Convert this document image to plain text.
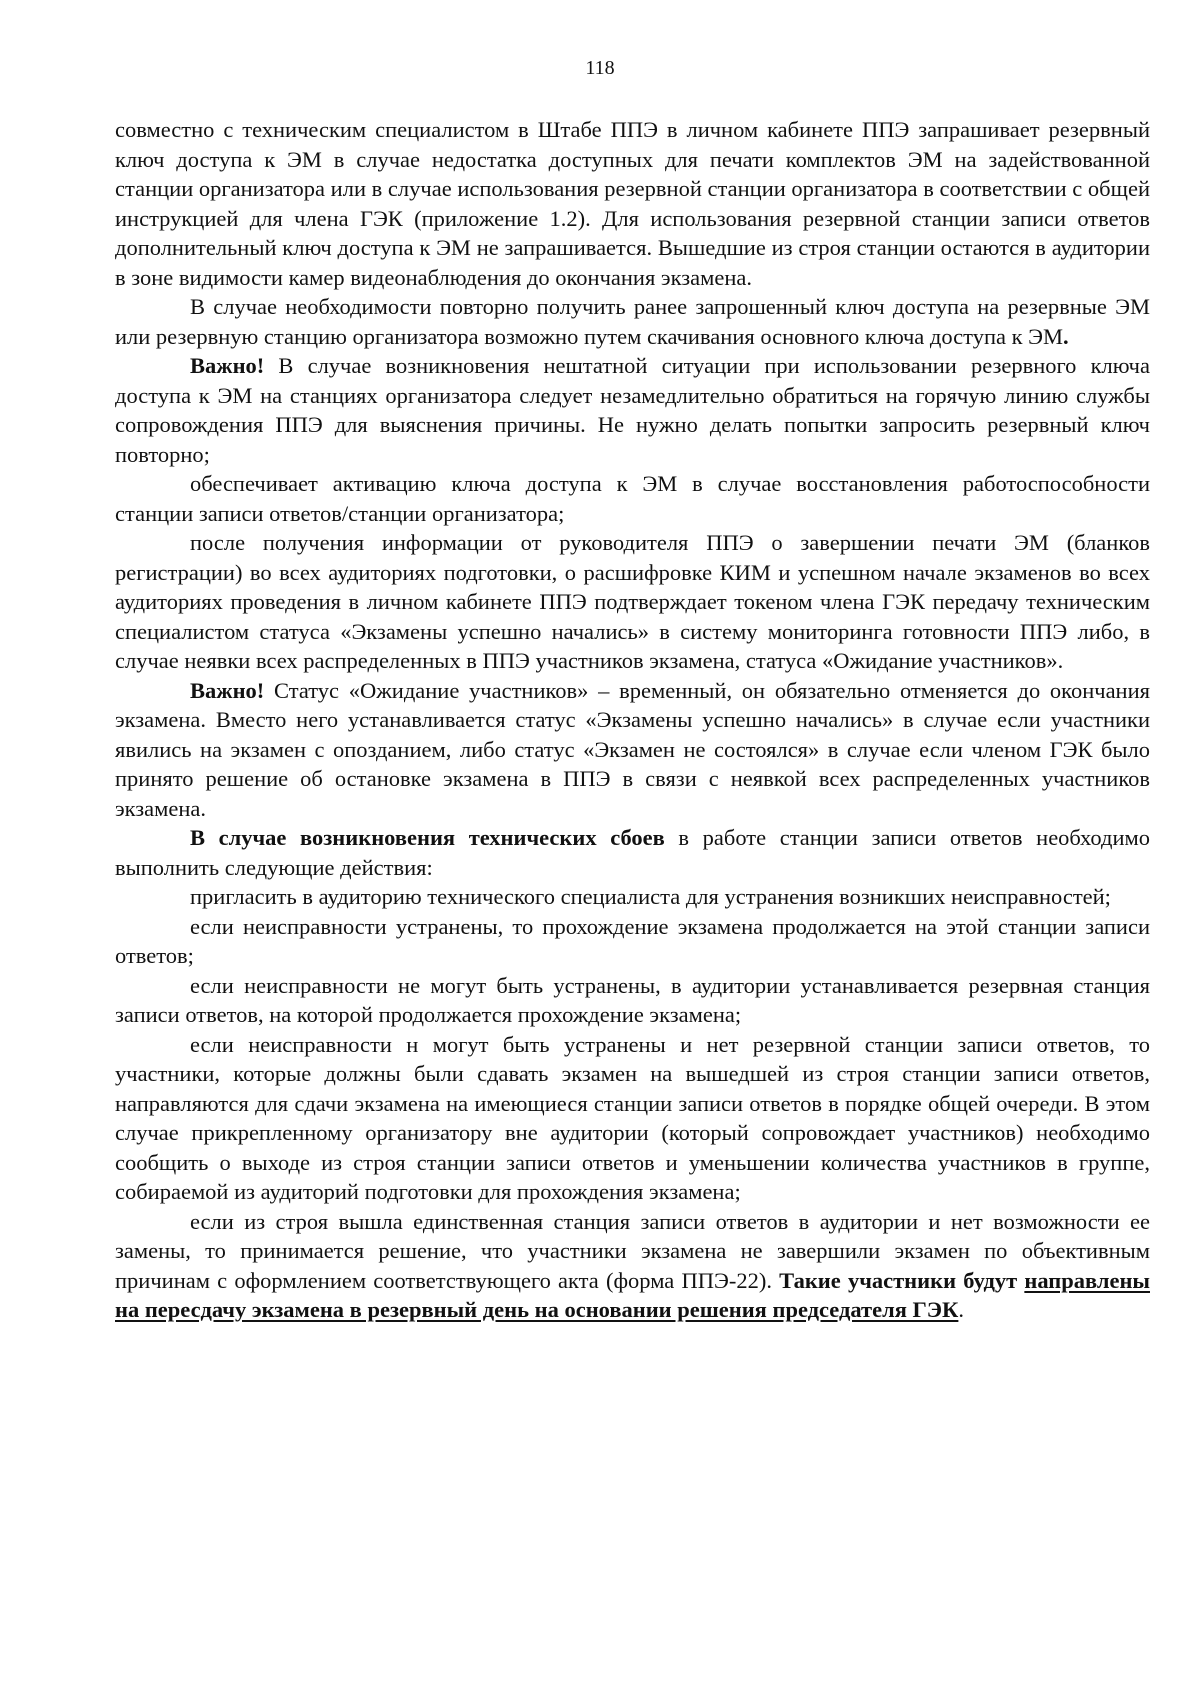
118

совместно с техническим специалистом в Штабе ППЭ в личном кабинете ППЭ запрашивает резервный ключ доступа к ЭМ в случае недостатка доступных для печати комплектов ЭМ на задействованной станции организатора или в случае использования резервной станции организатора в соответствии с общей инструкцией для члена ГЭК (приложение 1.2). Для использования резервной станции записи ответов дополнительный ключ доступа к ЭМ не запрашивается. Вышедшие из строя станции остаются в аудитории в зоне видимости камер видеонаблюдения до окончания экзамена.

В случае необходимости повторно получить ранее запрошенный ключ доступа на резервные ЭМ или резервную станцию организатора возможно путем скачивания основного ключа доступа к ЭМ.

Важно! В случае возникновения нештатной ситуации при использовании резервного ключа доступа к ЭМ на станциях организатора следует незамедлительно обратиться на горячую линию службы сопровождения ППЭ для выяснения причины. Не нужно делать попытки запросить резервный ключ повторно;

обеспечивает активацию ключа доступа к ЭМ в случае восстановления работоспособности станции записи ответов/станции организатора;

после получения информации от руководителя ППЭ о завершении печати ЭМ (бланков регистрации) во всех аудиториях подготовки, о расшифровке КИМ и успешном начале экзаменов во всех аудиториях проведения в личном кабинете ППЭ подтверждает токеном члена ГЭК передачу техническим специалистом статуса «Экзамены успешно начались» в систему мониторинга готовности ППЭ либо, в случае неявки всех распределенных в ППЭ участников экзамена, статуса «Ожидание участников».

Важно! Статус «Ожидание участников» – временный, он обязательно отменяется до окончания экзамена. Вместо него устанавливается статус «Экзамены успешно начались» в случае если участники явились на экзамен с опозданием, либо статус «Экзамен не состоялся» в случае если членом ГЭК было принято решение об остановке экзамена в ППЭ в связи с неявкой всех распределенных участников экзамена.

В случае возникновения технических сбоев в работе станции записи ответов необходимо выполнить следующие действия:

пригласить в аудиторию технического специалиста для устранения возникших неисправностей;

если неисправности устранены, то прохождение экзамена продолжается на этой станции записи ответов;

если неисправности не могут быть устранены, в аудитории устанавливается резервная станция записи ответов, на которой продолжается прохождение экзамена;

если неисправности н могут быть устранены и нет резервной станции записи ответов, то участники, которые должны были сдавать экзамен на вышедшей из строя станции записи ответов, направляются для сдачи экзамена на имеющиеся станции записи ответов в порядке общей очереди. В этом случае прикрепленному организатору вне аудитории (который сопровождает участников) необходимо сообщить о выходе из строя станции записи ответов и уменьшении количества участников в группе, собираемой из аудиторий подготовки для прохождения экзамена;

если из строя вышла единственная станция записи ответов в аудитории и нет возможности ее замены, то принимается решение, что участники экзамена не завершили экзамен по объективным причинам с оформлением соответствующего акта (форма ППЭ-22). Такие участники будут направлены на пересдачу экзамена в резервный день на основании решения председателя ГЭК.
